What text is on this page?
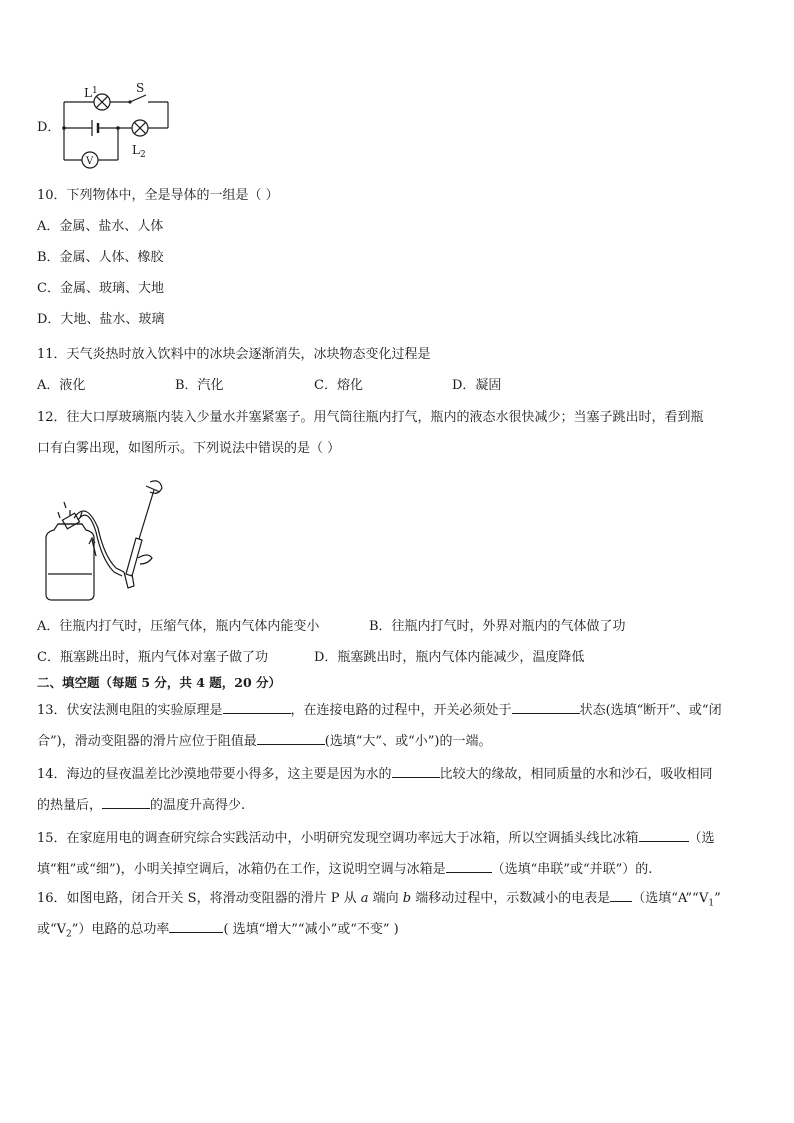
D．
$L^1$	S
$L_2$
V
10．下列物体中，全是导体的一组是（ ）
A．金属、盐水、人体
B．金属、人体、橡胶
C．金属、玻璃、大地
D．大地、盐水、玻璃
11．天气炎热时放入饮料中的冰块会逐渐消失，冰块物态变化过程是
A．液化	B．汽化	C．熔化	D．凝固
12．往大口厚玻璃瓶内装入少量水并塞紧塞子。用气筒往瓶内打气，瓶内的液态水很快减少；当塞子跳出时，看到瓶
口有白雾出现，如图所示。下列说法中错误的是（ ）
A．往瓶内打气时，压缩气体，瓶内气体内能变小	B．往瓶内打气时，外界对瓶内的气体做了功
C．瓶塞跳出时，瓶内气体对塞子做了功	D．瓶塞跳出时，瓶内气体内能减少，温度降低
二、填空题（每题 5 分，共 4 题，20 分）
13．伏安法测电阻的实验原理是	，在连接电路的过程中，开关必须处于	状态(选填“断开”、或“闭
合”)，滑动变阻器的滑片应位于阻值最	(选填“大”、或“小”)的一端。
14．海边的昼夜温差比沙漠地带要小得多，这主要是因为水的	比较大的缘故，相同质量的水和沙石，吸收相同
的热量后，	的温度升高得少.
15．在家庭用电的调查研究综合实践活动中，小明研究发现空调功率远大于冰箱，所以空调插头线比冰箱	（选
填“粗”或“细”)，小明关掉空调后，冰箱仍在工作，这说明空调与冰箱是	（选填“串联”或“并联”）的.
16．如图电路，闭合开关 S，将滑动变阻器的滑片 P 从 a 端向 b 端移动过程中，示数减小的电表是 （选填“$A”“V_1$”
或“$V_2$”）电路的总功率	( 选填“增大”“减小”或“不变” )
